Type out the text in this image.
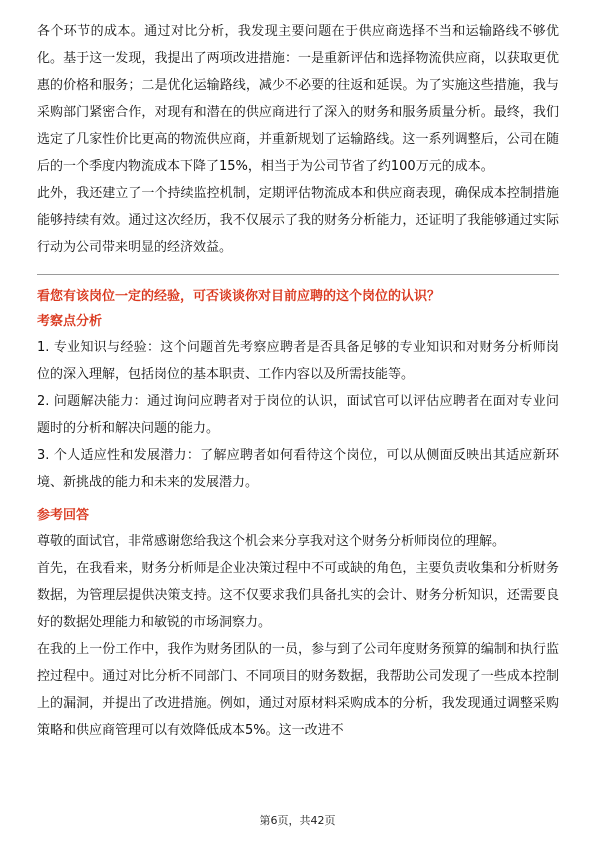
各个环节的成本。通过对比分析，我发现主要问题在于供应商选择不当和运输路线不够优化。基于这一发现，我提出了两项改进措施：一是重新评估和选择物流供应商，以获取更优惠的价格和服务；二是优化运输路线，减少不必要的往返和延误。为了实施这些措施，我与采购部门紧密合作，对现有和潜在的供应商进行了深入的财务和服务质量分析。最终，我们选定了几家性价比更高的物流供应商，并重新规划了运输路线。这一系列调整后，公司在随后的一个季度内物流成本下降了15%，相当于为公司节省了约100万元的成本。

此外，我还建立了一个持续监控机制，定期评估物流成本和供应商表现，确保成本控制措施能够持续有效。通过这次经历，我不仅展示了我的财务分析能力，还证明了我能够通过实际行动为公司带来明显的经济效益。

看您有该岗位一定的经验，可否谈谈你对目前应聘的这个岗位的认识？

考察点分析

1. 专业知识与经验：这个问题首先考察应聘者是否具备足够的专业知识和对财务分析师岗位的深入理解，包括岗位的基本职责、工作内容以及所需技能等。

2. 问题解决能力：通过询问应聘者对于岗位的认识，面试官可以评估应聘者在面对专业问题时的分析和解决问题的能力。

3. 个人适应性和发展潜力：了解应聘者如何看待这个岗位，可以从侧面反映出其适应新环境、新挑战的能力和未来的发展潜力。

参考回答

尊敬的面试官，非常感谢您给我这个机会来分享我对这个财务分析师岗位的理解。

首先，在我看来，财务分析师是企业决策过程中不可或缺的角色，主要负责收集和分析财务数据，为管理层提供决策支持。这不仅要求我们具备扎实的会计、财务分析知识，还需要良好的数据处理能力和敏锐的市场洞察力。

在我的上一份工作中，我作为财务团队的一员，参与到了公司年度财务预算的编制和执行监控过程中。通过对比分析不同部门、不同项目的财务数据，我帮助公司发现了一些成本控制上的漏洞，并提出了改进措施。例如，通过对原材料采购成本的分析，我发现通过调整采购策略和供应商管理可以有效降低成本5%。这一改进不

第6页，共42页
